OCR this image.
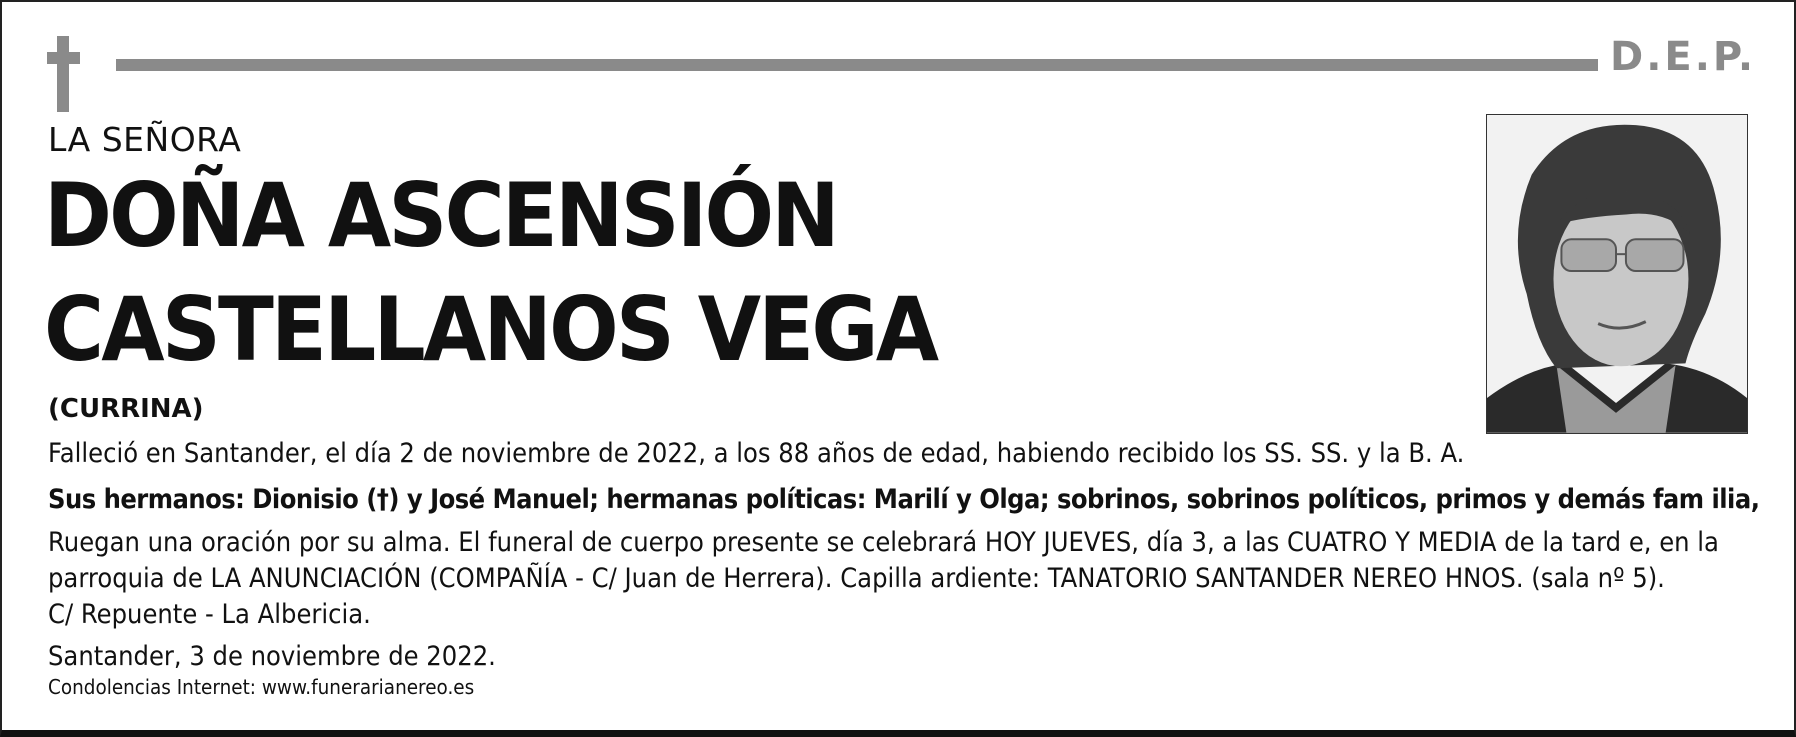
D.E.P.
LA SEÑORA
DOÑA ASCENSIÓN
CASTELLANOS VEGA
(CURRINA)
Falleció en Santander, el día 2 de noviembre de 2022, a los 88 años de edad, habiendo recibido los SS. SS. y la B. A.
Sus hermanos: Dionisio (†) y José Manuel; hermanas políticas: Marilí y Olga; sobrinos, sobrinos políticos, primos y demás fam ilia,
Ruegan una oración por su alma. El funeral de cuerpo presente se celebrará HOY JUEVES, día 3, a las CUATRO Y MEDIA de la tard e, en la
parroquia de LA ANUNCIACIÓN (COMPAÑÍA - C/ Juan de Herrera). Capilla ardiente: TANATORIO SANTANDER NEREO HNOS. (sala nº 5).
C/ Repuente - La Albericia.
Santander, 3 de noviembre de 2022.
Condolencias Internet: www.funerarianereo.es
